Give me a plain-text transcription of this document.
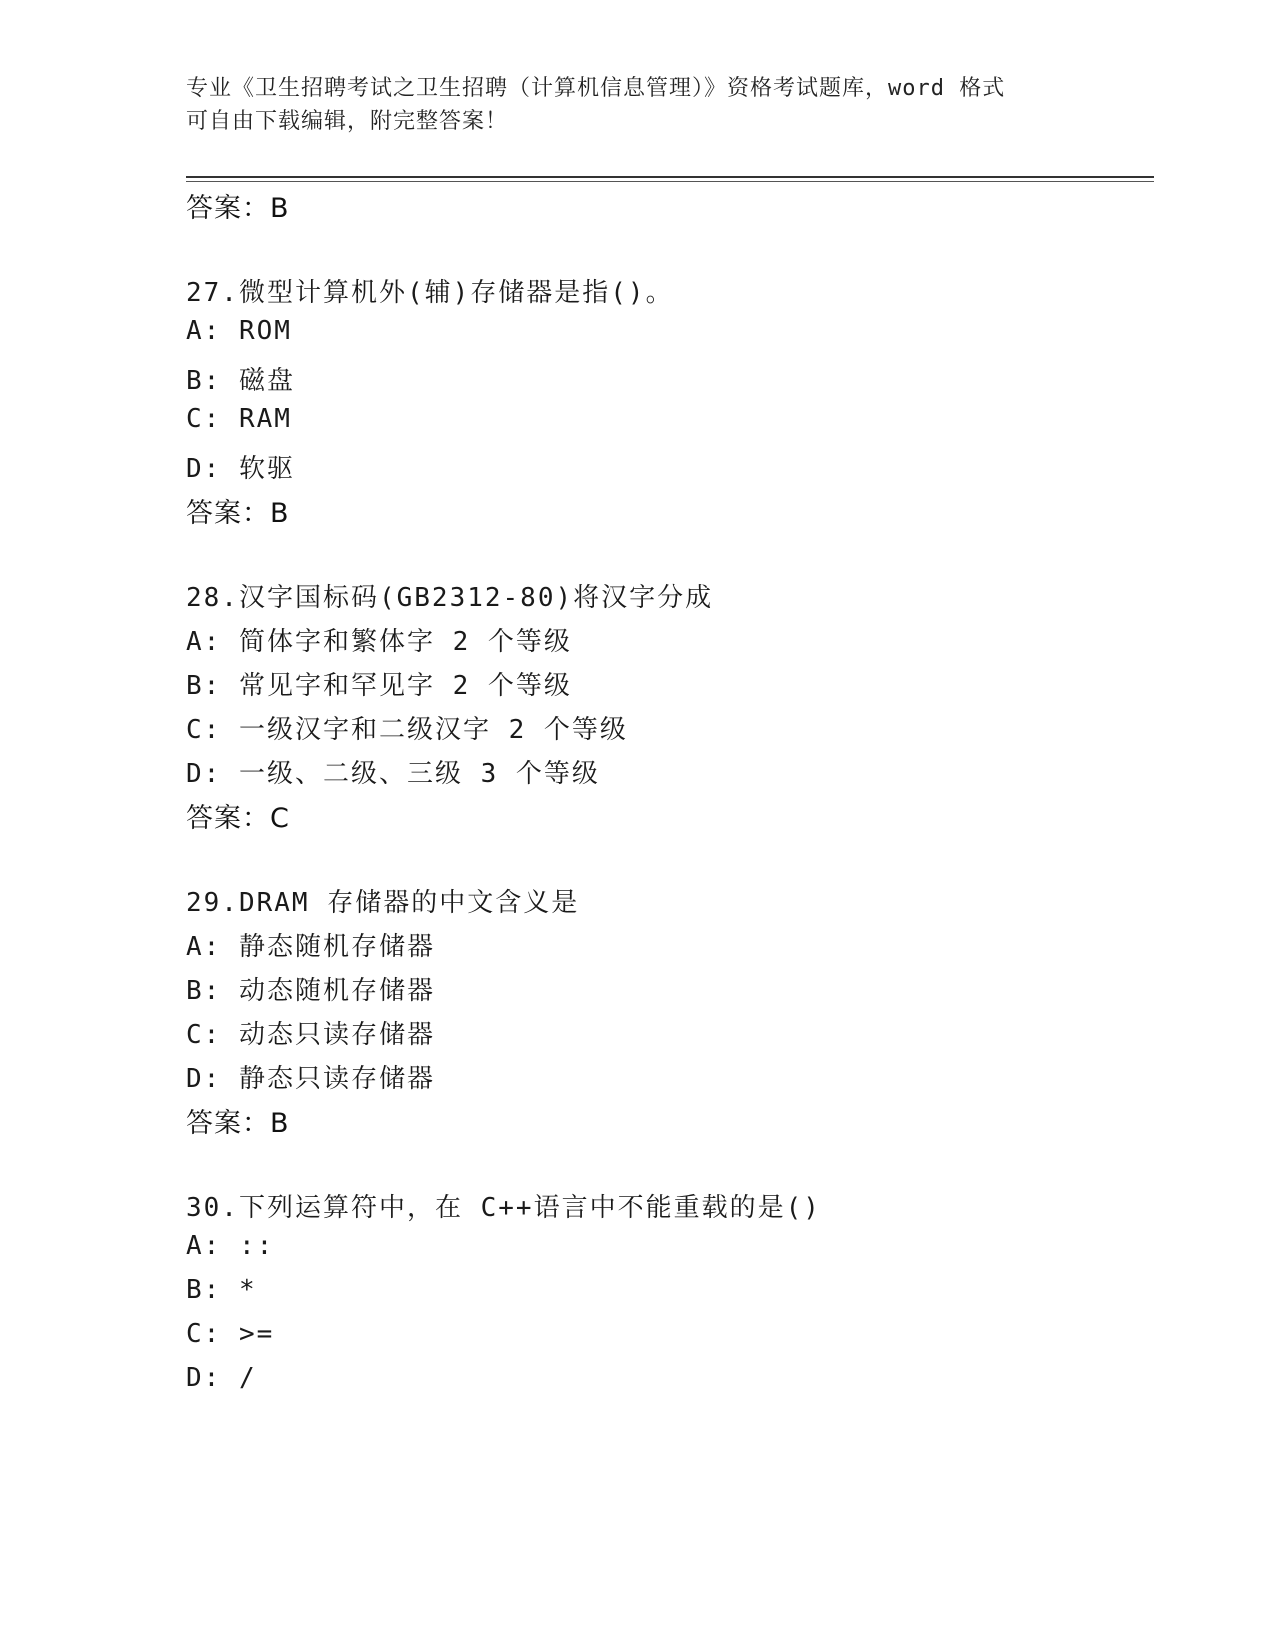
专业《卫生招聘考试之卫生招聘（计算机信息管理）》资格考试题库，word 格式

可自由下载编辑，附完整答案！

答案：B

27.微型计算机外(辅)存储器是指()。

A: ROM

B: 磁盘

C: RAM

D: 软驱

答案：B

28.汉字国标码(GB2312-80)将汉字分成

A: 简体字和繁体字 2 个等级

B: 常见字和罕见字 2 个等级

C: 一级汉字和二级汉字 2 个等级

D: 一级、二级、三级 3 个等级

答案：C

29.DRAM 存储器的中文含义是

A: 静态随机存储器

B: 动态随机存储器

C: 动态只读存储器

D: 静态只读存储器

答案：B

30.下列运算符中，在 C++语言中不能重载的是()

A: ::

B: *

C: >=

D: /
